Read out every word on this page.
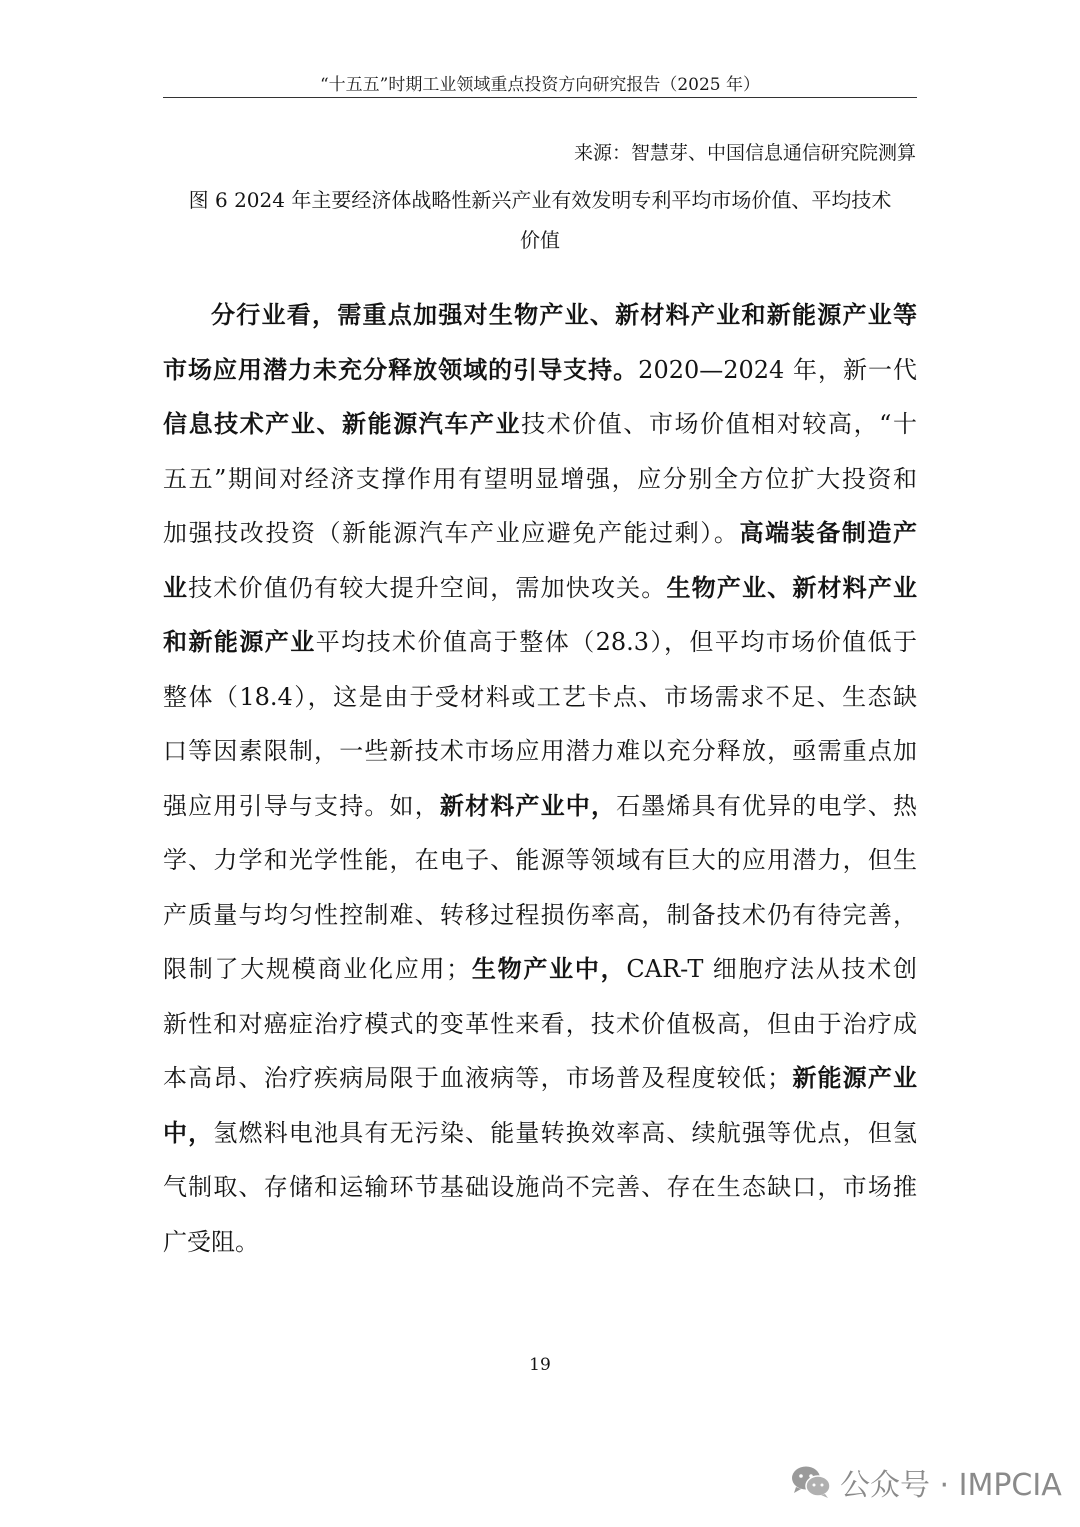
“十五五”时期工业领域重点投资方向研究报告（2025 年）
来源：智慧芽、中国信息通信研究院测算
图 6 2024 年主要经济体战略性新兴产业有效发明专利平均市场价值、平均技术
价值
分行业看，需重点加强对生物产业、新材料产业和新能源产业等
市场应用潜力未充分释放领域的引导支持。2020—2024 年，新一代
信息技术产业、新能源汽车产业技术价值、市场价值相对较高，“十
五五”期间对经济支撑作用有望明显增强，应分别全方位扩大投资和
加强技改投资（新能源汽车产业应避免产能过剩）。高端装备制造产
业技术价值仍有较大提升空间，需加快攻关。生物产业、新材料产业
和新能源产业平均技术价值高于整体（28.3），但平均市场价值低于
整体（18.4），这是由于受材料或工艺卡点、市场需求不足、生态缺
口等因素限制，一些新技术市场应用潜力难以充分释放，亟需重点加
强应用引导与支持。如，新材料产业中，石墨烯具有优异的电学、热
学、力学和光学性能，在电子、能源等领域有巨大的应用潜力，但生
产质量与均匀性控制难、转移过程损伤率高，制备技术仍有待完善，
限制了大规模商业化应用；生物产业中，CAR-T 细胞疗法从技术创
新性和对癌症治疗模式的变革性来看，技术价值极高，但由于治疗成
本高昂、治疗疾病局限于血液病等，市场普及程度较低；新能源产业
中，氢燃料电池具有无污染、能量转换效率高、续航强等优点，但氢
气制取、存储和运输环节基础设施尚不完善、存在生态缺口，市场推
广受阻。
19
公众号 · IMPCIA
